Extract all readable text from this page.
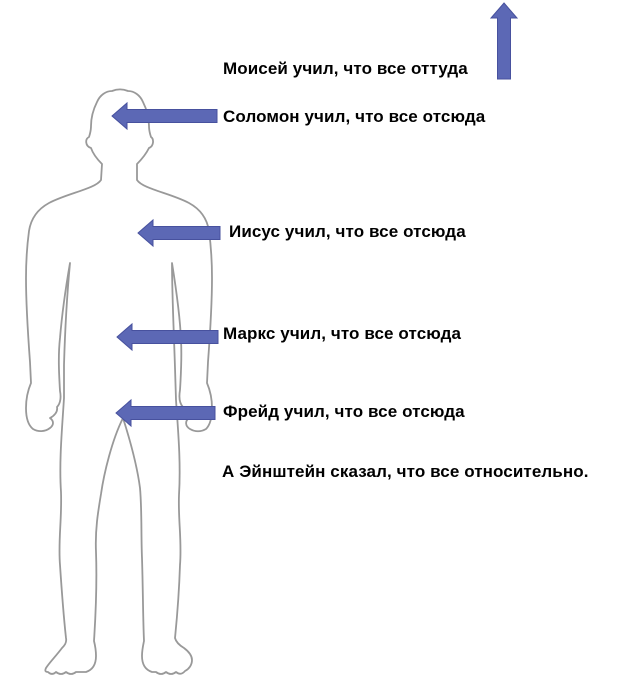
Моисей учил, что все оттуда
Соломон учил, что все отсюда
Иисус учил, что все отсюда
Маркс учил, что все отсюда
Фрейд учил, что все отсюда
А Эйнштейн сказал, что все относительно.
